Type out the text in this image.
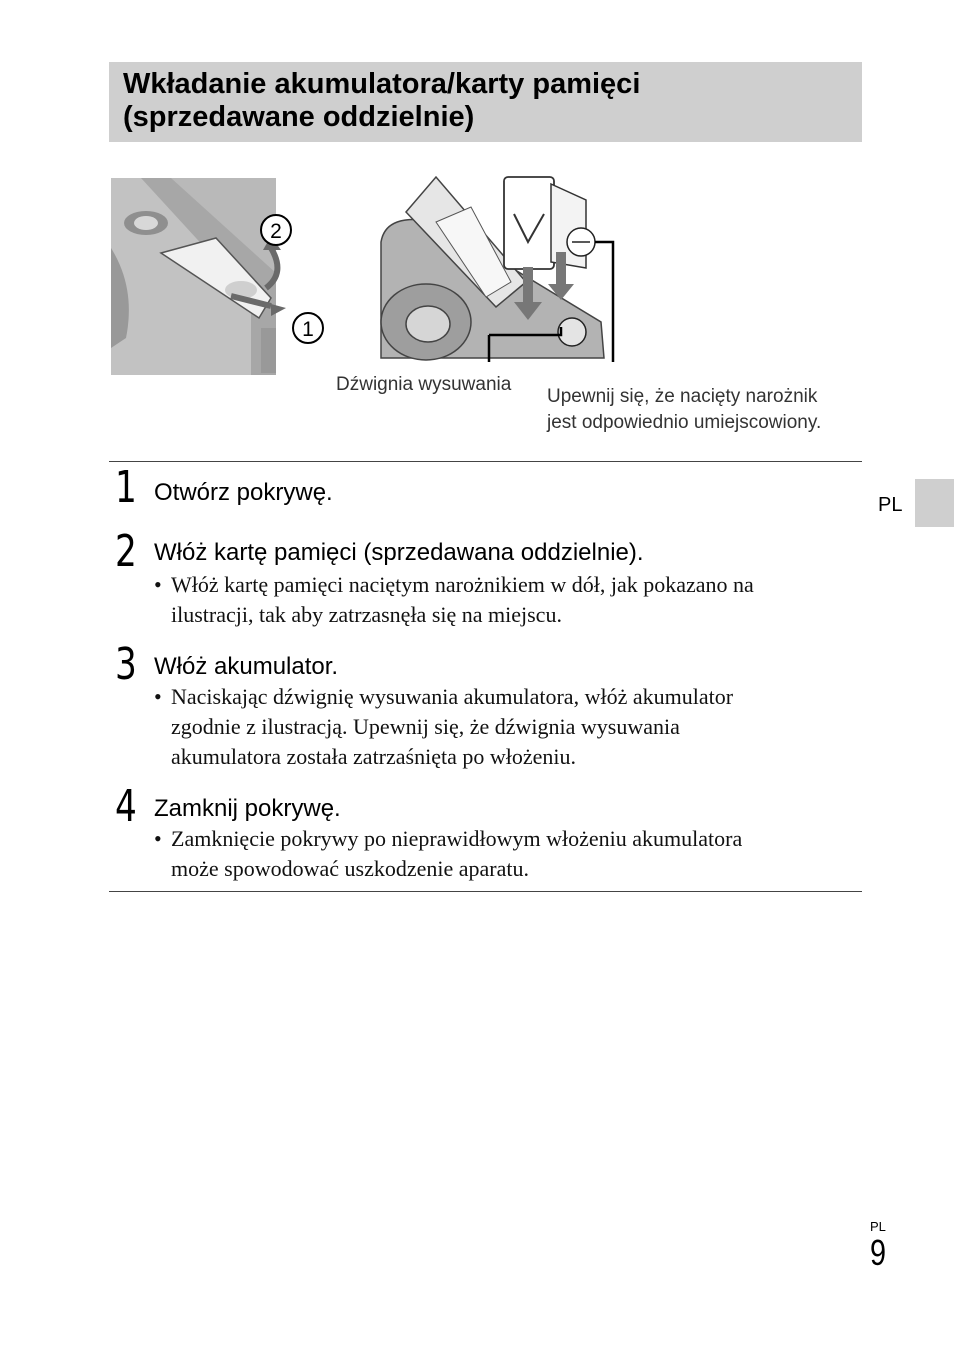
Wkładanie akumulatora/karty pamięci
(sprzedawane oddzielnie)
2
1
Dźwignia wysuwania
Upewnij się, że nacięty narożnik
jest odpowiednio umiejscowiony.
1 Otwórz pokrywę.
2 Włóż kartę pamięci (sprzedawana oddzielnie).
• Włóż kartę pamięci naciętym narożnikiem w dół, jak pokazano na
ilustracji, tak aby zatrzasnęła się na miejscu.
3 Włóż akumulator.
• Naciskając dźwignię wysuwania akumulatora, włóż akumulator
zgodnie z ilustracją. Upewnij się, że dźwignia wysuwania
akumulatora została zatrzaśnięta po włożeniu.
4 Zamknij pokrywę.
• Zamknięcie pokrywy po nieprawidłowym włożeniu akumulatora
może spowodować uszkodzenie aparatu.
PL
PL
9
